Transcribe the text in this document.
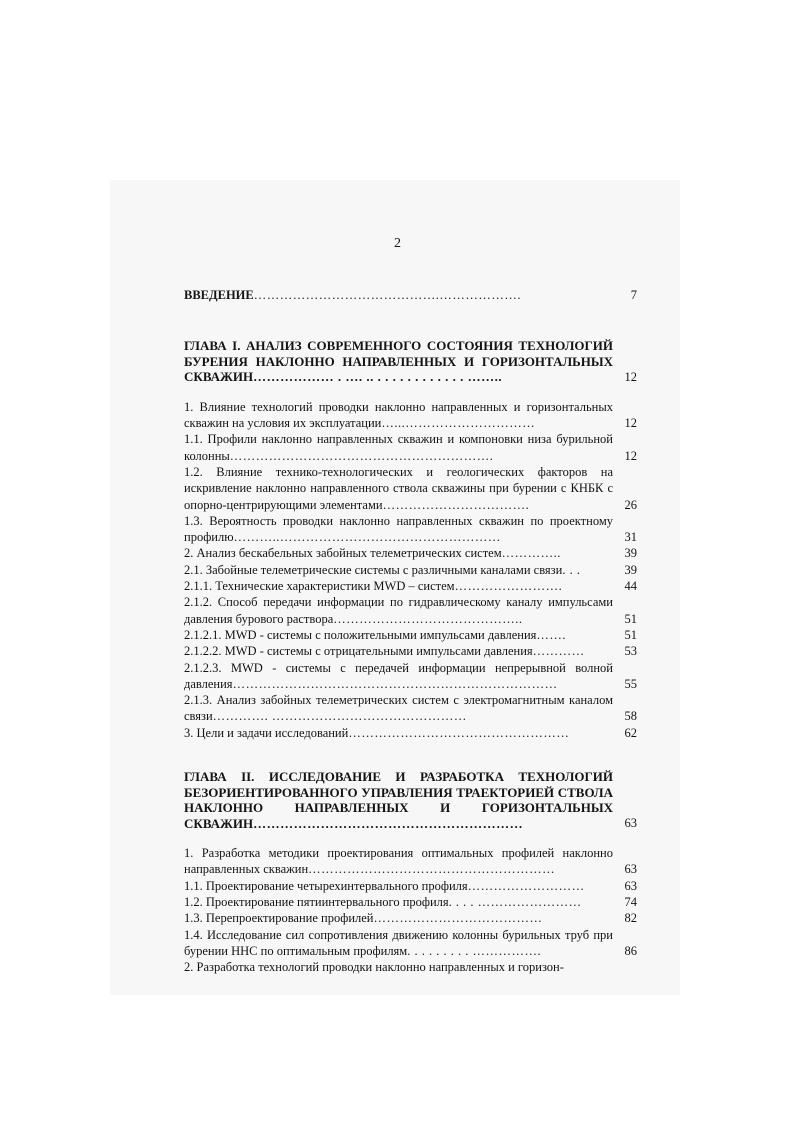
2
ВВЕДЕНИЕ…………………………………….……………….	7
ГЛАВА I. АНАЛИЗ СОВРЕМЕННОГО СОСТОЯНИЯ ТЕХНОЛОГИЙ БУРЕНИЯ НАКЛОННО НАПРАВЛЕННЫХ И ГОРИЗОНТАЛЬНЫХ СКВАЖИН……………… . …. .. . . . . . . . . . . . . ……..	12
1. Влияние технологий проводки наклонно направленных и горизонтальных скважин на условия их эксплуатации…...…………………………	12
1.1. Профили наклонно направленных скважин и компоновки низа бурильной колонны…………………………………………………….	12
1.2. Влияние технико-технологических и геологических факторов на искривление наклонно направленного ствола скважины при бурении с КНБК с опорно-центрирующими элементами…………………………….	26
1.3. Вероятность проводки наклонно направленных скважин по проектному профилю………..……………………………………………	31
2. Анализ бескабельных забойных телеметрических систем…………..	39
2.1. Забойные телеметрические системы с различными каналами связи. . .	39
2.1.1. Технические характеристики MWD – систем…………………….	44
2.1.2. Способ передачи информации по гидравлическому каналу импульсами давления бурового раствора……………………………………..	51
2.1.2.1. MWD - системы с положительными импульсами давления…….	51
2.1.2.2. MWD - системы с отрицательными импульсами давления…………	53
2.1.2.3. MWD - системы с передачей информации непрерывной волной давления…………………………………………………………………	55
2.1.3. Анализ забойных телеметрических систем с электромагнитным каналом связи…………. ………………………………………	58
3. Цели и задачи исследований……………………………………………	62
ГЛАВА II. ИССЛЕДОВАНИЕ И РАЗРАБОТКА ТЕХНОЛОГИЙ БЕЗОРИЕНТИРОВАННОГО УПРАВЛЕНИЯ ТРАЕКТОРИЕЙ СТВОЛА НАКЛОННО НАПРАВЛЕННЫХ И ГОРИЗОНТАЛЬНЫХ СКВАЖИН……………………………………………………	63
1. Разработка методики проектирования оптимальных профилей наклонно направленных скважин…………………………………………………	63
1.1. Проектирование четырехинтервального профиля………………………	63
1.2. Проектирование пятиинтервального профиля. . . . ……………………	74
1.3. Перепроектирование профилей…………………………………	82
1.4. Исследование сил сопротивления движению колонны бурильных труб при бурении ННС по оптимальным профилям. . . . . . . . . …………….	86
2. Разработка технологий проводки наклонно направленных и горизон-
